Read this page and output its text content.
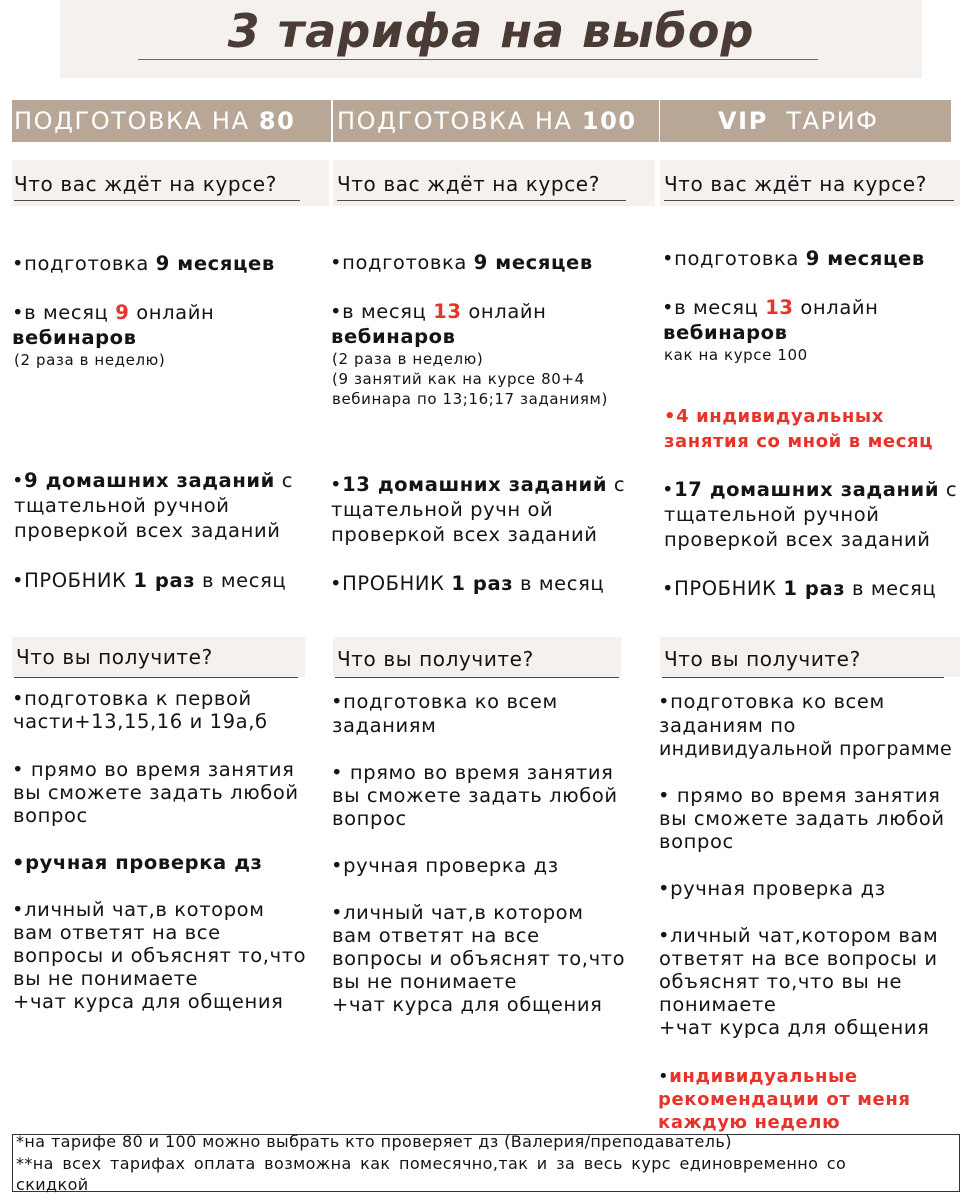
3 тарифа на выбор
ПОДГОТОВКА НА 80	ПОДГОТОВКА НА 100	VIP ТАРИФ
Что вас ждёт на курсе?	Что вас ждёт на курсе?	Что вас ждёт на курсе?
•подготовка 9 месяцев
•в месяц 9 онлайн
вебинаров
(2 раза в неделю)
•9 домашних заданий с
тщательной ручной
проверкой всех заданий
•ПРОБНИК 1 раз в месяц
•подготовка 9 месяцев
•в месяц 13 онлайн
вебинаров
(2 раза в неделю)
(9 занятий как на курсе 80+4
вебинара по 13;16;17 заданиям)
•13 домашних заданий с
тщательной ручн ой
проверкой всех заданий
•ПРОБНИК 1 раз в месяц
•подготовка 9 месяцев
•в месяц 13 онлайн
вебинаров
как на курсе 100
•4 индивидуальных
занятия со мной в месяц
•17 домашних заданий с
тщательной ручной
проверкой всех заданий
•ПРОБНИК 1 раз в месяц
Что вы получите?	Что вы получите?	Что вы получите?
•подготовка к первой
части+13,15,16 и 19а,б
• прямо во время занятия
вы сможете задать любой
вопрос
•ручная проверка дз
•личный чат,в котором
вам ответят на все
вопросы и объяснят то,что
вы не понимаете
+чат курса для общения
•подготовка ко всем
заданиям
• прямо во время занятия
вы сможете задать любой
вопрос
•ручная проверка дз
•личный чат,в котором
вам ответят на все
вопросы и объяснят то,что
вы не понимаете
+чат курса для общения
•подготовка ко всем
заданиям по
индивидуальной программе
• прямо во время занятия
вы сможете задать любой
вопрос
•ручная проверка дз
•личный чат,котором вам
ответят на все вопросы и
объяснят то,что вы не
понимаете
+чат курса для общения
•индивидуальные
рекомендации от меня
каждую неделю
*на тарифе 80 и 100 можно выбрать кто проверяет дз (Валерия/преподаватель)
**на всех тарифах оплата возможна как помесячно,так и за весь курс единовременно со
скидкой
